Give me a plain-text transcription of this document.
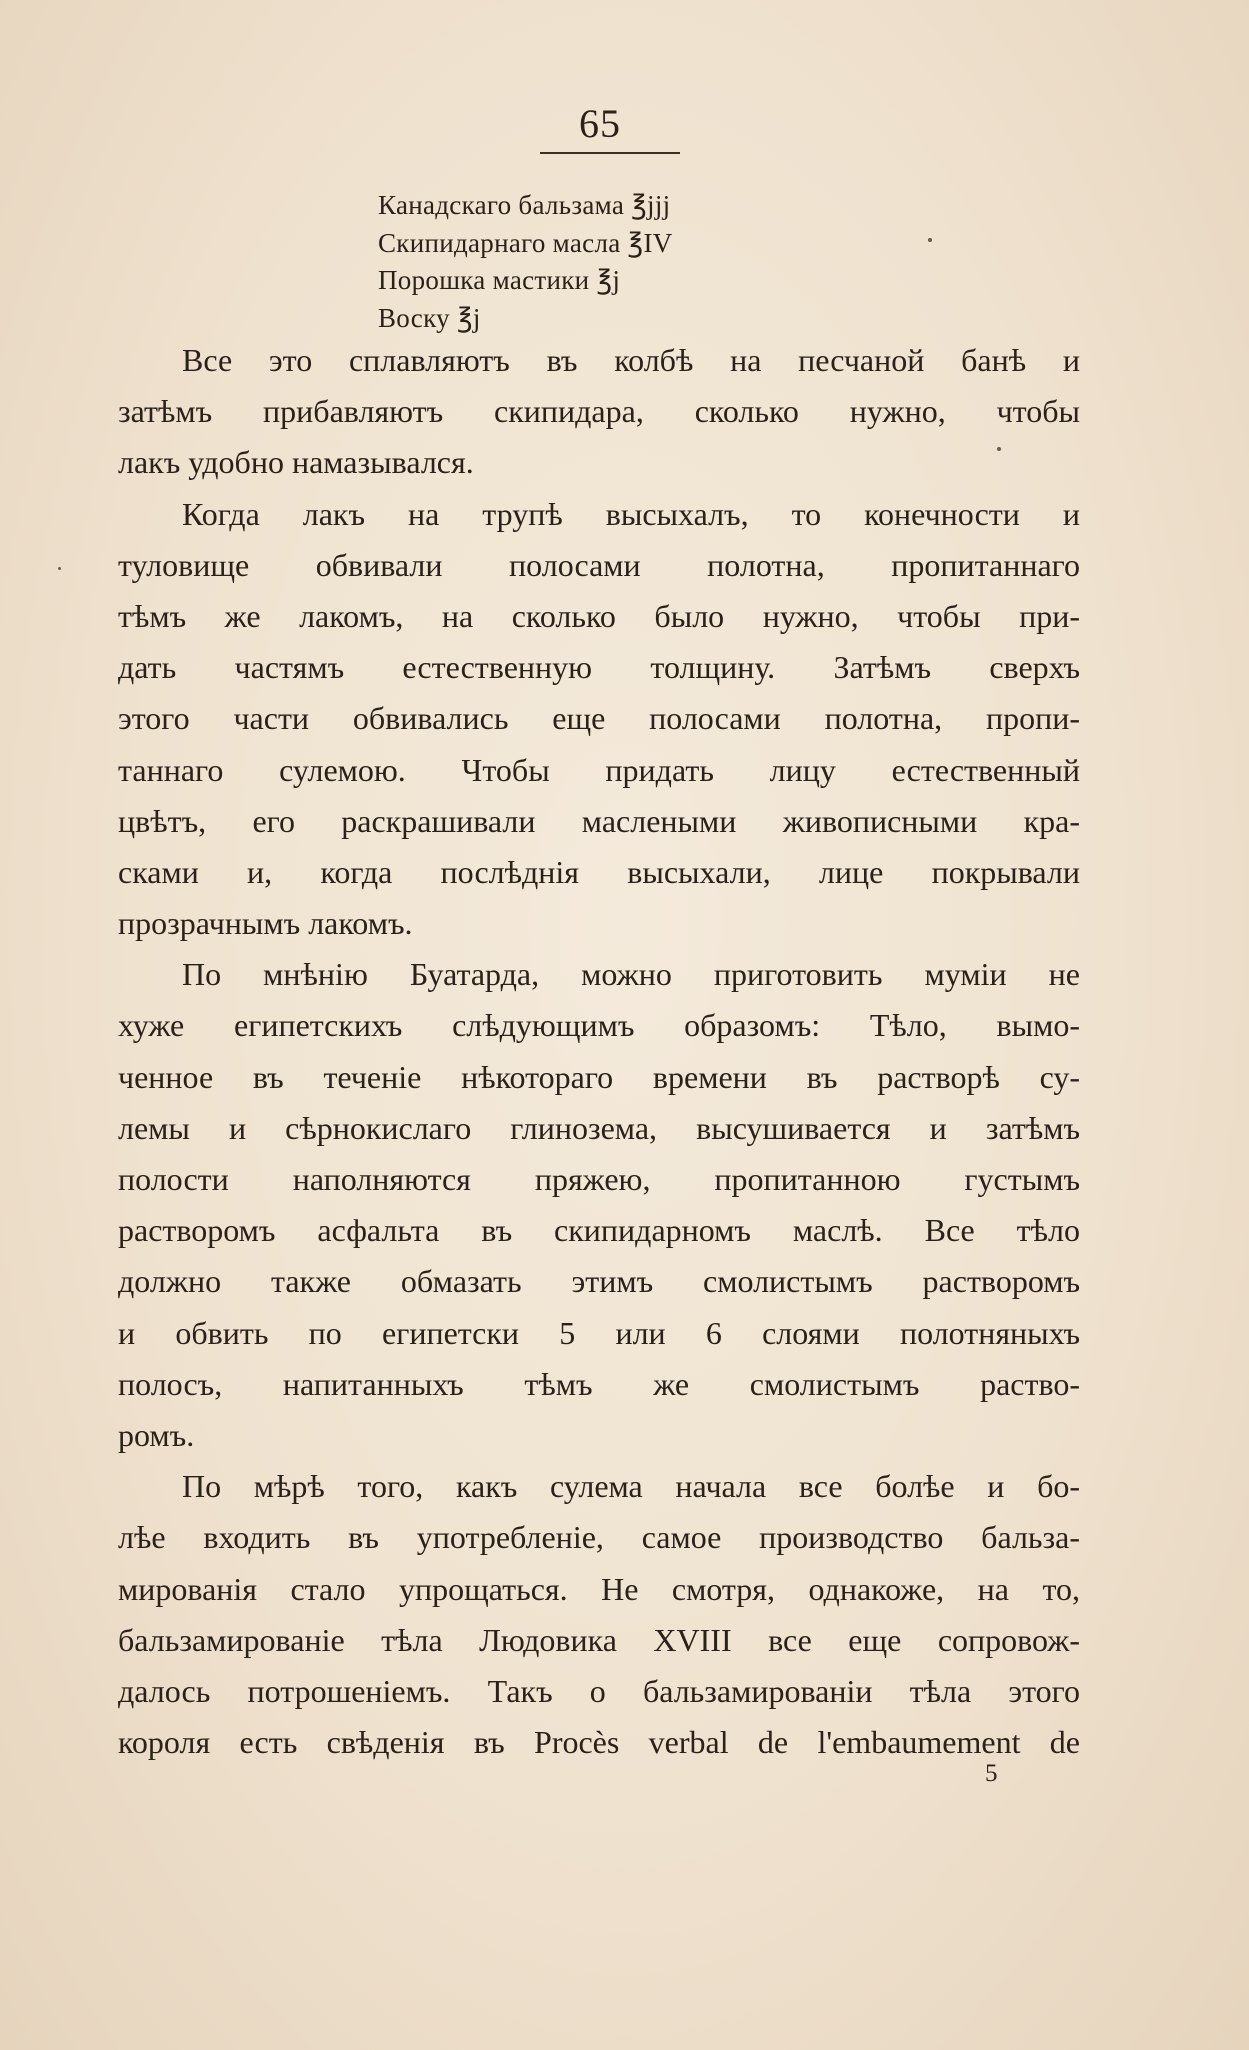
65
Канадскаго бальзама ℥jjj
Скипидарнаго масла ℥IV
Порошка мастики ℥j
Воску ℥j
Все это сплавляютъ въ колбѣ на песчаной банѣ и
затѣмъ прибавляютъ скипидара, сколько нужно, чтобы
лакъ удобно намазывался.
Когда лакъ на трупѣ высыхалъ, то конечности и
туловище обвивали полосами полотна, пропитаннаго
тѣмъ же лакомъ, на сколько было нужно, чтобы при-
дать частямъ естественную толщину. Затѣмъ сверхъ
этого части обвивались еще полосами полотна, пропи-
таннаго сулемою. Чтобы придать лицу естественный
цвѣтъ, его раскрашивали маслеными живописными кра-
сками и, когда послѣднія высыхали, лице покрывали
прозрачнымъ лакомъ.
По мнѣнію Буатарда, можно приготовить мумiи не
хуже египетскихъ слѣдующимъ образомъ: Тѣло, вымо-
ченное въ теченiе нѣкотораго времени въ растворѣ су-
лемы и сѣрнокислаго глинозема, высушивается и затѣмъ
полости наполняются пряжею, пропитанною густымъ
растворомъ асфальта въ скипидарномъ маслѣ. Все тѣло
должно также обмазать этимъ смолистымъ растворомъ
и обвить по египетски 5 или 6 слоями полотняныхъ
полосъ, напитанныхъ тѣмъ же смолистымъ раство-
ромъ.
По мѣрѣ того, какъ сулема начала все болѣе и бо-
лѣе входить въ употребленiе, самое производство бальза-
мированiя стало упрощаться. Не смотря, однакоже, на то,
бальзамированiе тѣла Людовика XVIII все еще сопровож-
далось потрошенiемъ. Такъ о бальзамированiи тѣла этого
короля есть свѣденiя въ Procès verbal de l'embaumement de
5
